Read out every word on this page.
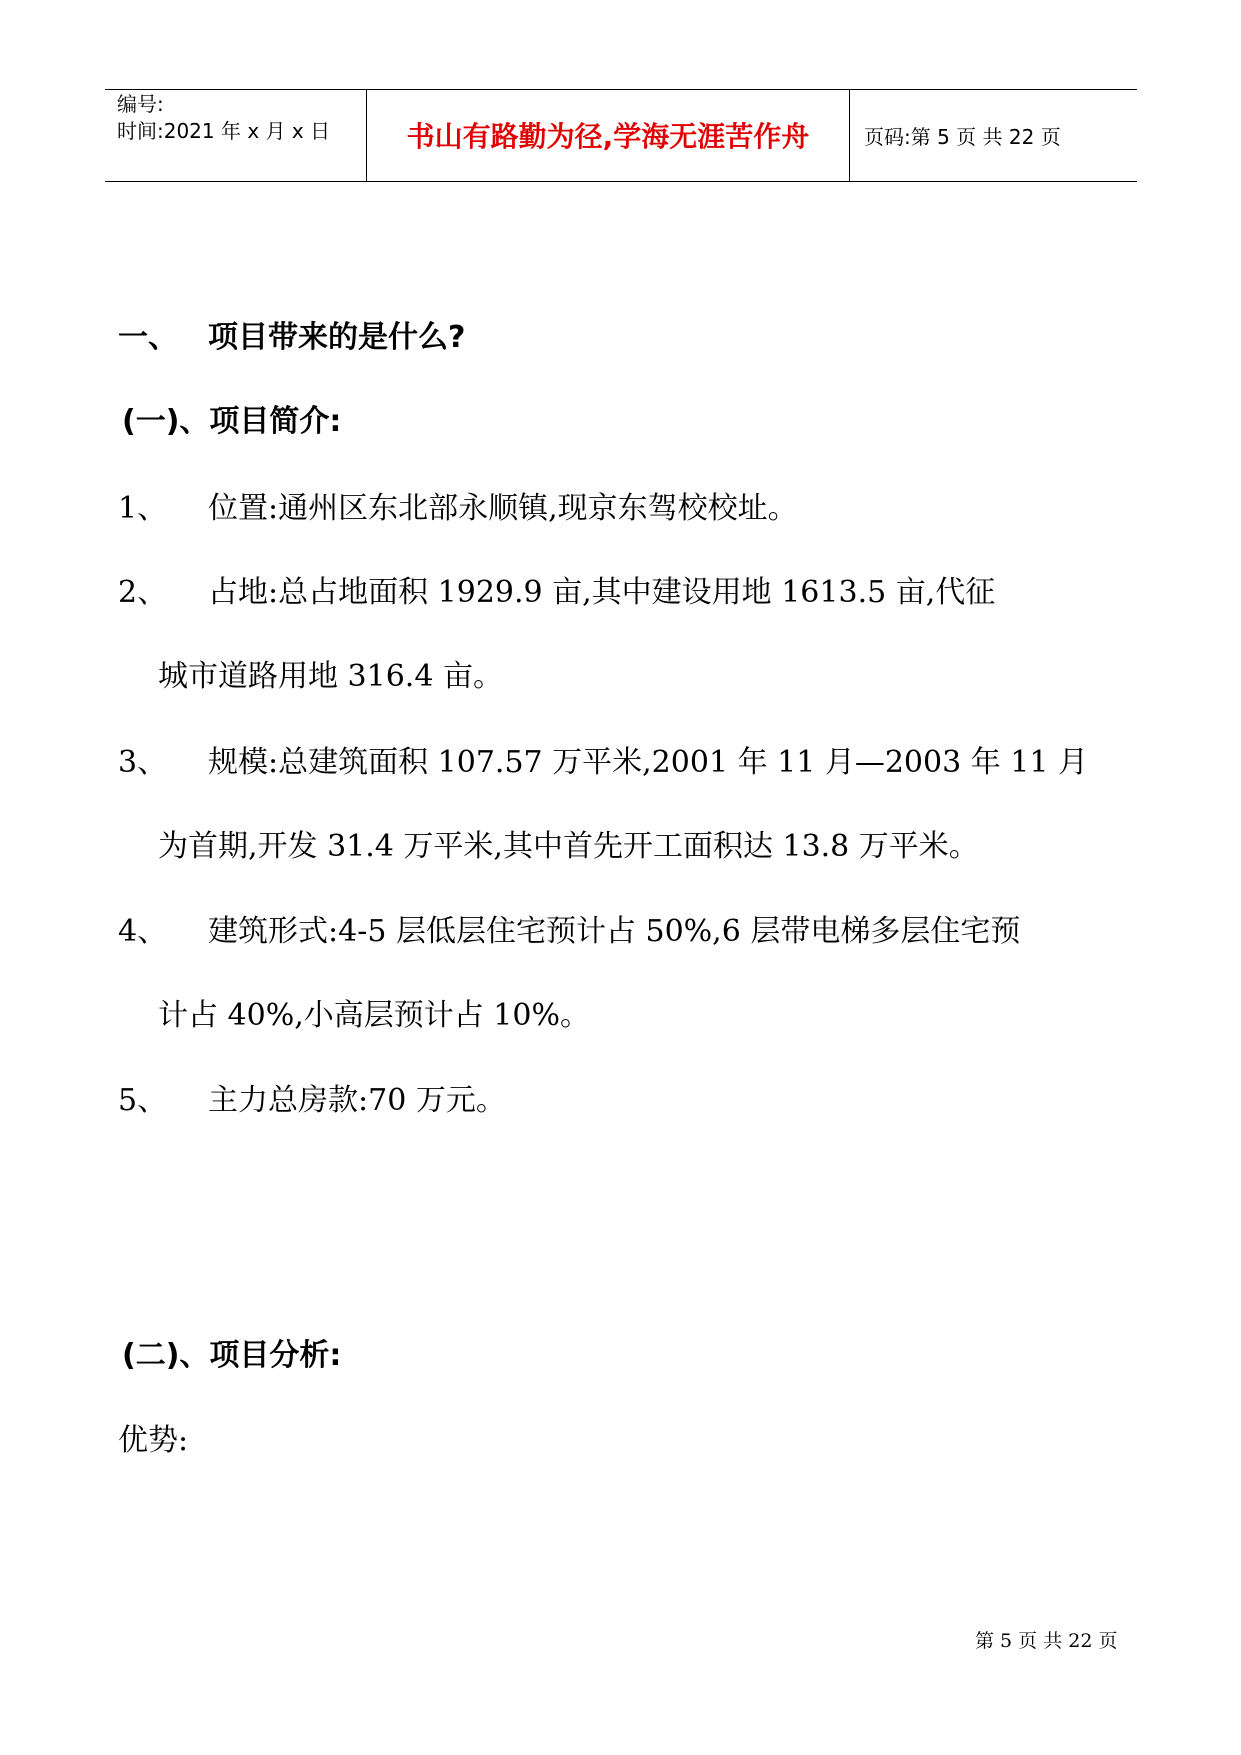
编号:
时间:2021 年 x 月 x 日	书山有路勤为径,学海无涯苦作舟	页码:第 5 页 共 22 页
一、 项目带来的是什么?
(一)、项目简介:
1、 位置:通州区东北部永顺镇,现京东驾校校址。
2、 占地:总占地面积 1929.9 亩,其中建设用地 1613.5 亩,代征
城市道路用地 316.4 亩。
3、 规模:总建筑面积 107.57 万平米,2001 年 11 月—2003 年 11 月
为首期,开发 31.4 万平米,其中首先开工面积达 13.8 万平米。
4、 建筑形式:4-5 层低层住宅预计占 50%,6 层带电梯多层住宅预
计占 40%,小高层预计占 10%。
5、 主力总房款:70 万元。
(二)、项目分析:
优势:
第 5 页 共 22 页
